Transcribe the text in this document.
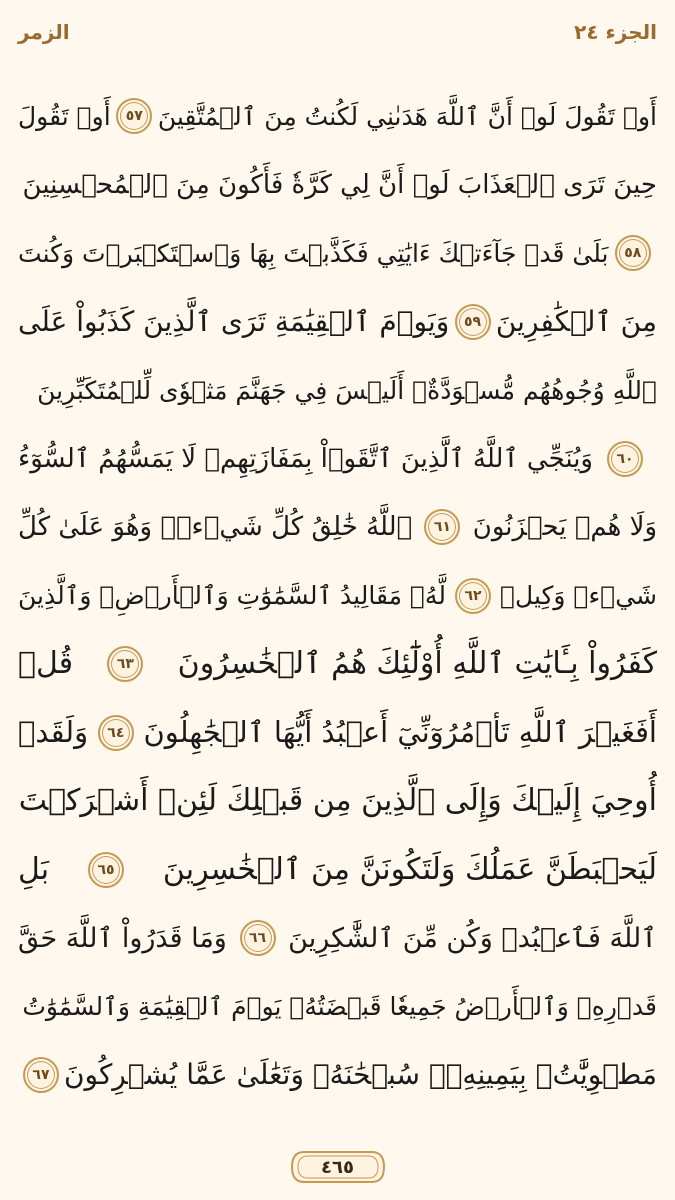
الجزء ٢٤
الزمر
أَوۡ تَقُولَ لَوۡ أَنَّ ٱللَّهَ هَدَىٰنِي لَكُنتُ مِنَ ٱلۡمُتَّقِينَ
٥٧
أَوۡ تَقُولَ
حِينَ تَرَى ٱلۡعَذَابَ لَوۡ أَنَّ لِي كَرَّةٗ فَأَكُونَ مِنَ ٱلۡمُحۡسِنِينَ
٥٨
بَلَىٰ قَدۡ جَآءَتۡكَ ءَايَٰتِي فَكَذَّبۡتَ بِهَا وَٱسۡتَكۡبَرۡتَ وَكُنتَ
مِنَ ٱلۡكَٰفِرِينَ
٥٩
وَيَوۡمَ ٱلۡقِيَٰمَةِ تَرَى ٱلَّذِينَ كَذَبُواْ عَلَى
ٱللَّهِ وُجُوهُهُم مُّسۡوَدَّةٌۚ أَلَيۡسَ فِي جَهَنَّمَ مَثۡوٗى لِّلۡمُتَكَبِّرِينَ
٦٠
وَيُنَجِّي ٱللَّهُ ٱلَّذِينَ ٱتَّقَوۡاْ بِمَفَازَتِهِمۡ لَا يَمَسُّهُمُ ٱلسُّوٓءُ
وَلَا هُمۡ يَحۡزَنُونَ
٦١
ٱللَّهُ خَٰلِقُ كُلِّ شَيۡءٖۖ وَهُوَ عَلَىٰ كُلِّ
شَيۡءٖ وَكِيلٞ
٦٢
لَّهُۥ مَقَالِيدُ ٱلسَّمَٰوَٰتِ وَٱلۡأَرۡضِۗ وَٱلَّذِينَ
كَفَرُواْ بِـَٔايَٰتِ ٱللَّهِ أُوْلَٰٓئِكَ هُمُ ٱلۡخَٰسِرُونَ
٦٣
قُلۡ
أَفَغَيۡرَ ٱللَّهِ تَأۡمُرُوٓنِّيٓ أَعۡبُدُ أَيُّهَا ٱلۡجَٰهِلُونَ
٦٤
وَلَقَدۡ
أُوحِيَ إِلَيۡكَ وَإِلَى ٱلَّذِينَ مِن قَبۡلِكَ لَئِنۡ أَشۡرَكۡتَ
لَيَحۡبَطَنَّ عَمَلُكَ وَلَتَكُونَنَّ مِنَ ٱلۡخَٰسِرِينَ
٦٥
بَلِ
ٱللَّهَ فَٱعۡبُدۡ وَكُن مِّنَ ٱلشَّٰكِرِينَ
٦٦
وَمَا قَدَرُواْ ٱللَّهَ حَقَّ
قَدۡرِهِۦ وَٱلۡأَرۡضُ جَمِيعٗا قَبۡضَتُهُۥ يَوۡمَ ٱلۡقِيَٰمَةِ وَٱلسَّمَٰوَٰتُ
مَطۡوِيَّٰتُۢ بِيَمِينِهِۦۚ سُبۡحَٰنَهُۥ وَتَعَٰلَىٰ عَمَّا يُشۡرِكُونَ
٦٧
٤٦٥
